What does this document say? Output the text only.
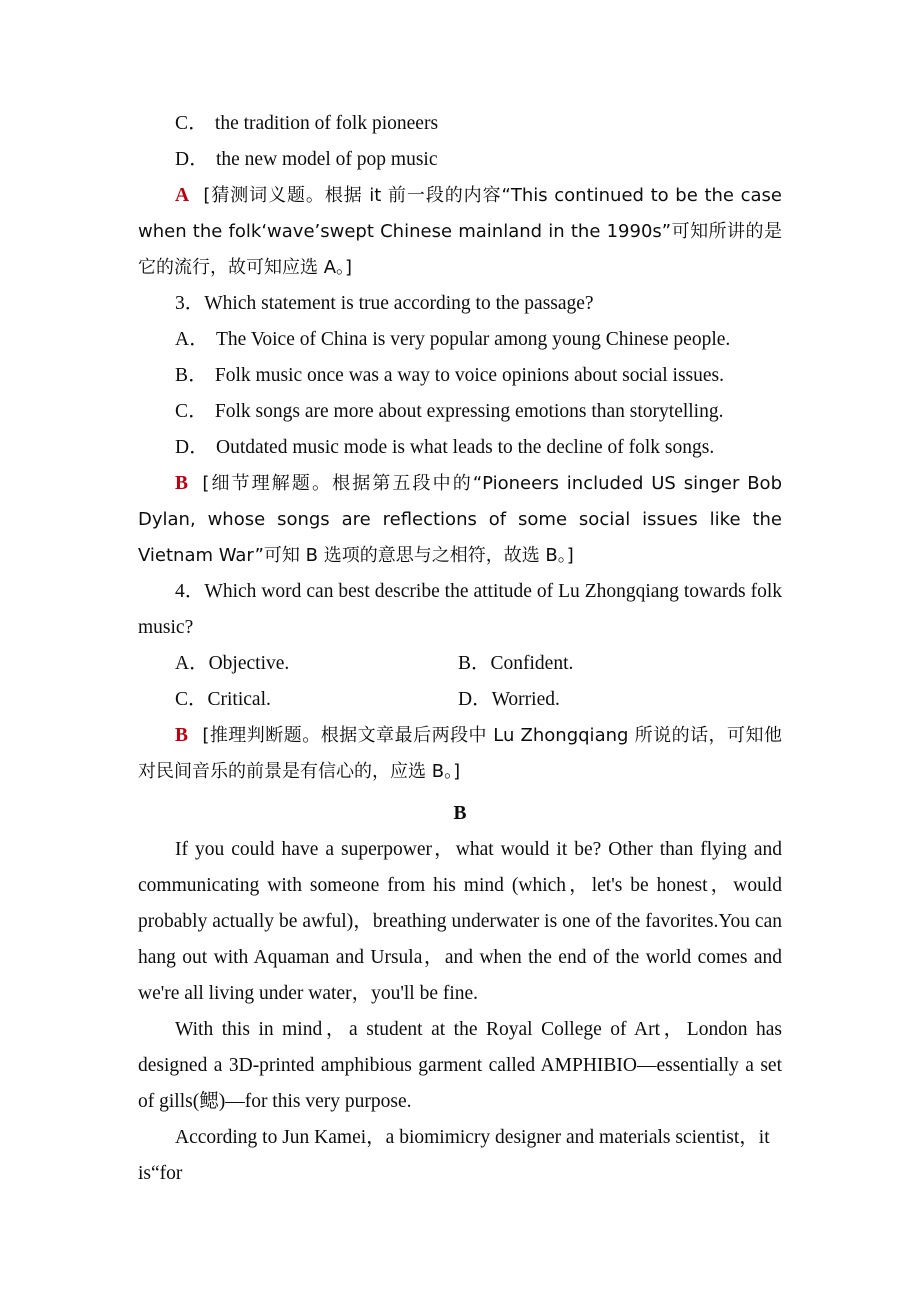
C． the tradition of folk pioneers
D． the new model of pop music

A [猜测词义题。根据 it 前一段的内容“This continued to be the case when the folk‘wave’swept Chinese mainland in the 1990s”可知所讲的是它的流行，故可知应选 A。]

3．Which statement is true according to the passage?
A． The Voice of China is very popular among young Chinese people.
B． Folk music once was a way to voice opinions about social issues.
C． Folk songs are more about expressing emotions than storytelling.
D． Outdated music mode is what leads to the decline of folk songs.

B [细节理解题。根据第五段中的“Pioneers included US singer Bob Dylan, whose songs are reflections of some social issues like the Vietnam War”可知 B 选项的意思与之相符，故选 B。]

4．Which word can best describe the attitude of Lu Zhongqiang towards folk music?

A．Objective.	B．Confident.
C．Critical.	D．Worried.

B [推理判断题。根据文章最后两段中 Lu Zhongqiang 所说的话，可知他对民间音乐的前景是有信心的，应选 B。]

B

If you could have a superpower，what would it be? Other than flying and communicating with someone from his mind (which，let's be honest，would probably actually be awful)，breathing underwater is one of the favorites.You can hang out with Aquaman and Ursula，and when the end of the world comes and we're all living under water，you'll be fine.

With this in mind，a student at the Royal College of Art，London has designed a 3D-printed amphibious garment called AMPHIBIO—essentially a set of gills(鳃)—for this very purpose.

According to Jun Kamei，a biomimicry designer and materials scientist，it is“for
